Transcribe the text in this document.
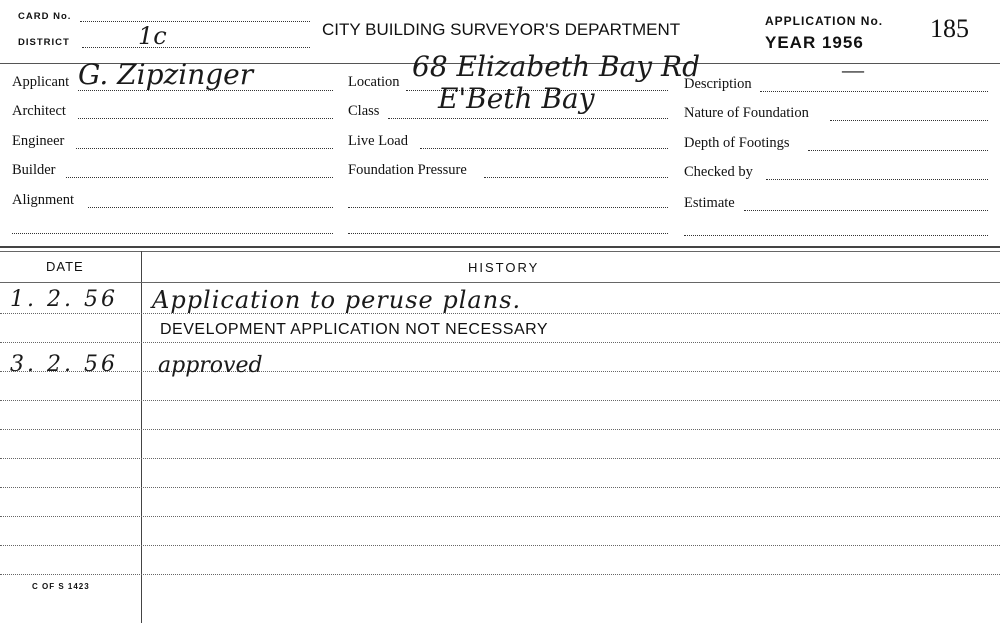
CARD No.
DISTRICT	1c	CITY BUILDING SURVEYOR'S DEPARTMENT	APPLICATION No. 185
YEAR 1956
Applicant G. Zipzinger
Architect
Engineer
Builder
Alignment
Location 68 Elizabeth Bay Rd
Class E'Beth Bay
Live Load
Foundation Pressure
Description
—
Nature of Foundation
Depth of Footings
Checked by
Estimate
DATE	HISTORY
1. 2. 56 Application to peruse plans.
DEVELOPMENT APPLICATION NOT NECESSARY
3. 2. 56 approved
C OF S 1423
